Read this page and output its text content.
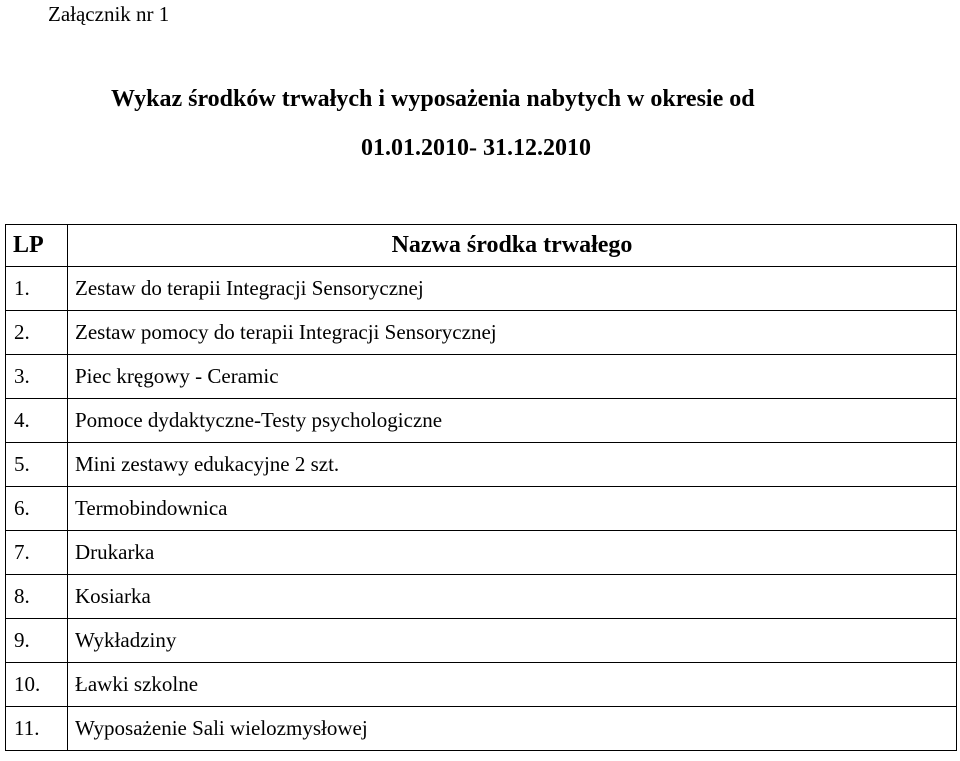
Załącznik nr 1
Wykaz środków trwałych i wyposażenia nabytych w okresie od
01.01.2010- 31.12.2010
LP	Nazwa środka trwałego
1.	Zestaw do terapii Integracji Sensorycznej
2.	Zestaw pomocy do terapii Integracji Sensorycznej
3.	Piec kręgowy - Ceramic
4.	Pomoce dydaktyczne-Testy psychologiczne
5.	Mini zestawy edukacyjne 2 szt.
6.	Termobindownica
7.	Drukarka
8.	Kosiarka
9.	Wykładziny
10.	Ławki szkolne
11.	Wyposażenie Sali wielozmysłowej
